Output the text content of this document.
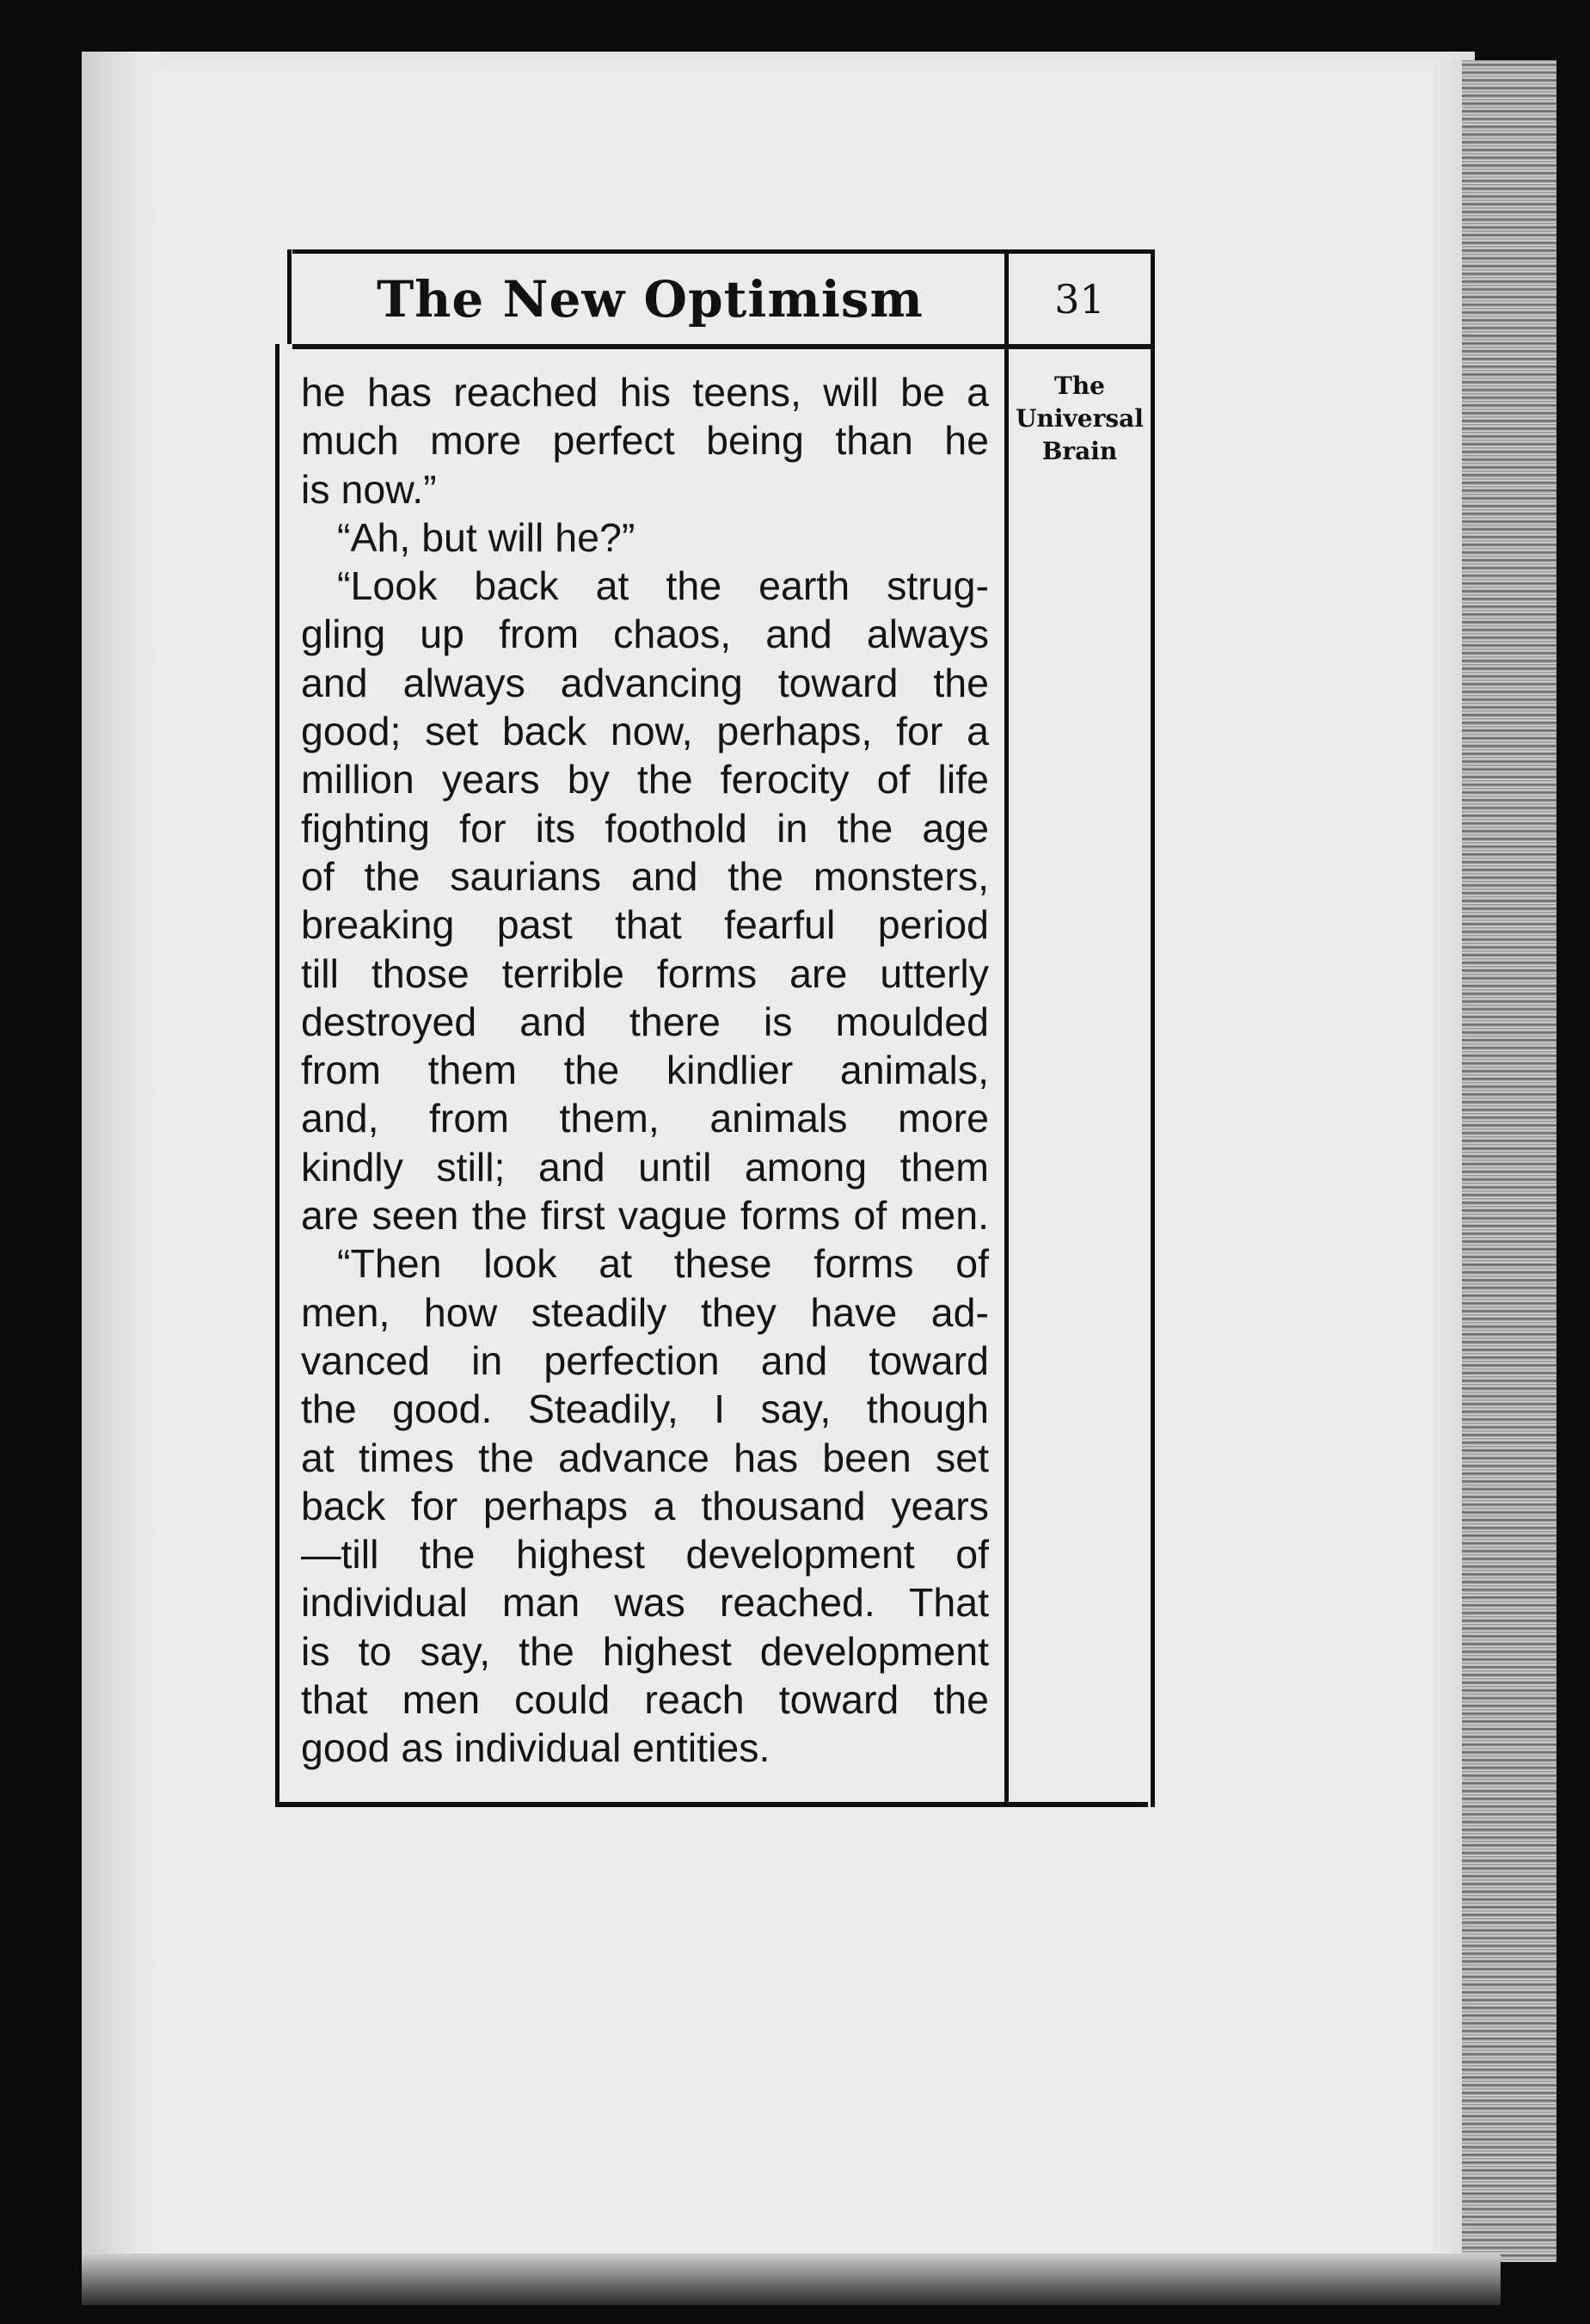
The New Optimism	31
The
Universal
Brain
he has reached his teens, will be a
much more perfect being than he
is now.”
“Ah, but will he?”
“Look back at the earth strug-
gling up from chaos, and always
and always advancing toward the
good; set back now, perhaps, for a
million years by the ferocity of life
fighting for its foothold in the age
of the saurians and the monsters,
breaking past that fearful period
till those terrible forms are utterly
destroyed and there is moulded
from them the kindlier animals,
and, from them, animals more
kindly still; and until among them
are seen the first vague forms of men.
“Then look at these forms of
men, how steadily they have ad-
vanced in perfection and toward
the good. Steadily, I say, though
at times the advance has been set
back for perhaps a thousand years
—till the highest development of
individual man was reached. That
is to say, the highest development
that men could reach toward the
good as individual entities.
